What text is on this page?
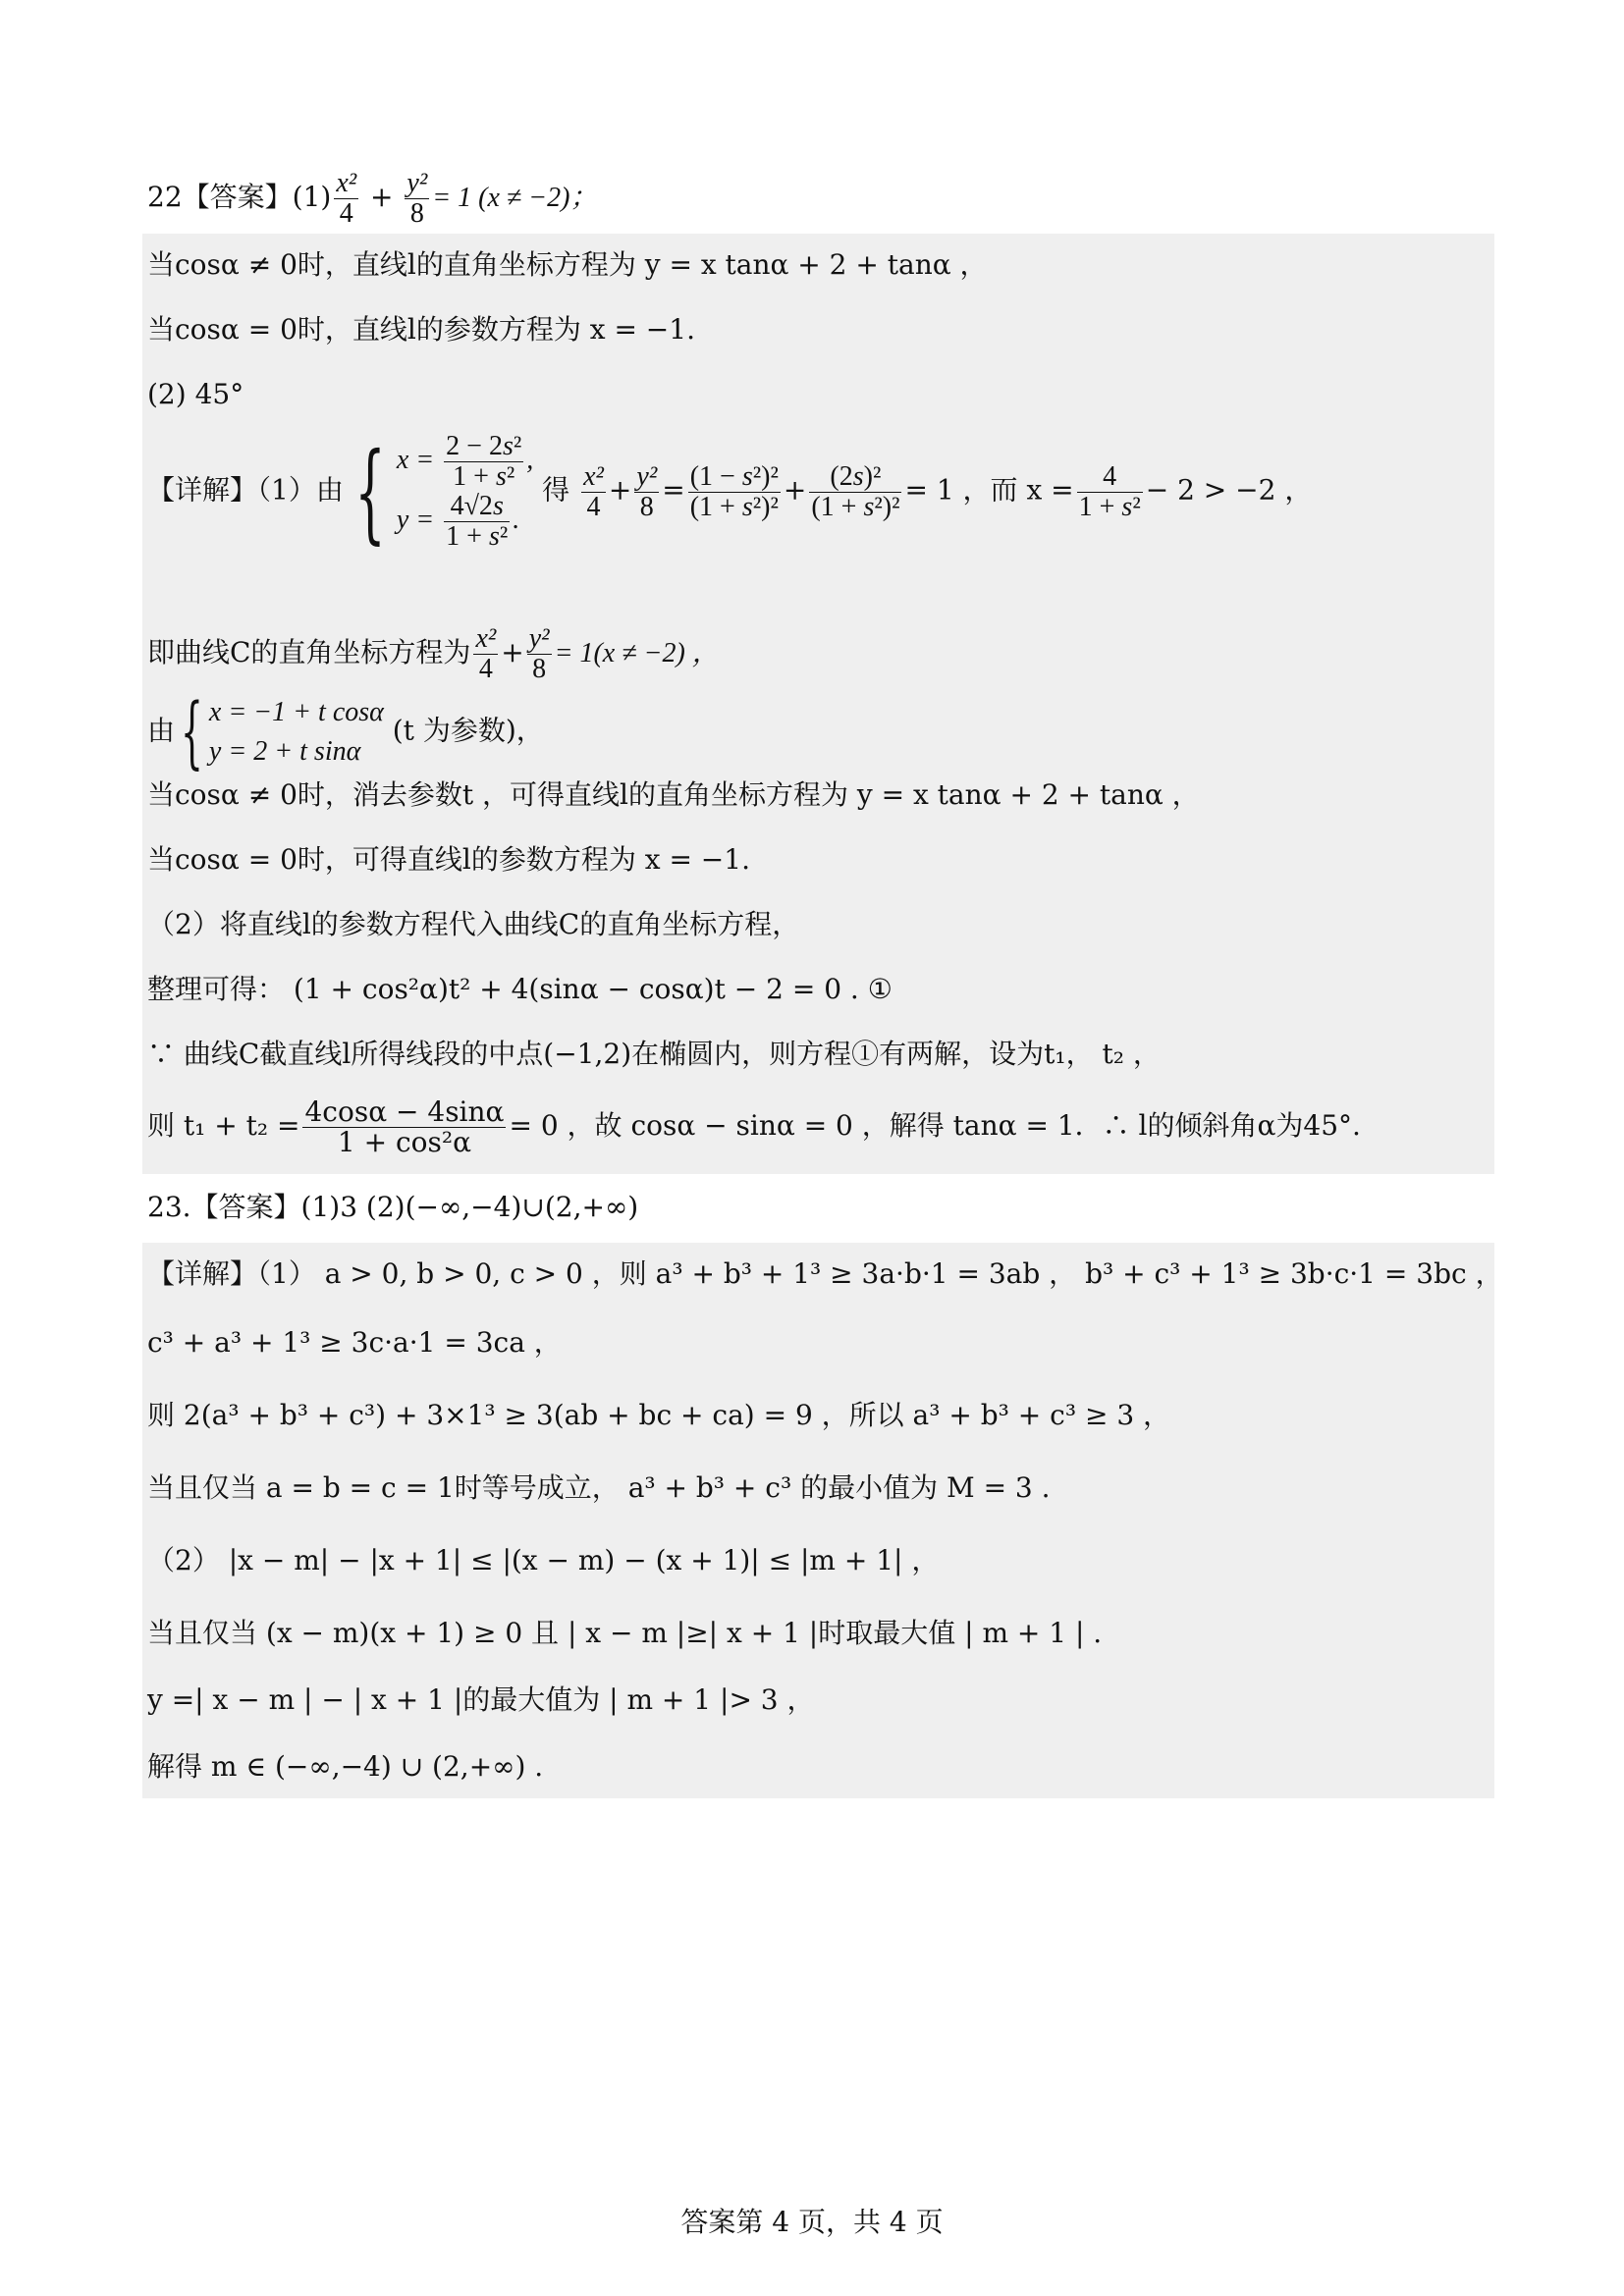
22【答案】$(1) \frac{\text{x²}}{4} + \frac{\text{y²}}{8} = 1$ (x ≠ −2)；
当cosα ≠ 0时，直线l的直角坐标方程为 y = x tanα + 2 + tanα ，
当cosα = 0时，直线l的参数方程为 x = −1.
(2) 45°
【详解】（1）由 { $x = \frac{\text{2 − 2s²}}{\text{1 + s²}}$ ,
$y = \frac{4√2s}{\text{1 + s²}}$ .
得 $\frac{\text{x²}}{4} + \frac{\text{y²}}{8} = \frac{\text{(1 − s²)²}}{\text{(1 + s²)²}} + \frac{\text{(2s)²}}{\text{(1 + s²)²}} = 1$ ，而 $x = \frac{4}{\text{1 + s²}} - 2 > -2$ ，
即曲线C的直角坐标方程为 $\frac{\text{x²}}{4} + \frac{\text{y²}}{8} = 1(x \ne -2)$ ，
由{ x = −1 + t cosα
y = 2 + t sinα
(t 为参数)，
当cosα ≠ 0时，消去参数t ，可得直线l的直角坐标方程为 y = x tanα + 2 + tanα ，
当cosα = 0时，可得直线l的参数方程为 x = −1.
（2）将直线l的参数方程代入曲线C的直角坐标方程，
整理可得： (1 + cos²α)t² + 4(sinα − cosα)t − 2 = 0 . ①
∵ 曲线C截直线l所得线段的中点(−1,2)在椭圆内，则方程①有两解，设为t₁， t₂ ，
则 $t_1 + t_2 = \frac{4\cos\alpha - 4\sin\alpha}{\text{1 + cos²α}} = 0$ ，故 cosα − sinα = 0 ，解得 tanα = 1．∴ l的倾斜角α为45°.
23.【答案】(1)3 (2)(−∞,−4)∪(2,+∞)
【详解】（1） a > 0, b > 0, c > 0 ，则 a³ + b³ + 1³ ≥ 3a·b·1 = 3ab ， b³ + c³ + 1³ ≥ 3b·c·1 = 3bc ，
c³ + a³ + 1³ ≥ 3c·a·1 = 3ca ，
则 2(a³ + b³ + c³) + 3×1³ ≥ 3(ab + bc + ca) = 9 ，所以 a³ + b³ + c³ ≥ 3 ，
当且仅当 a = b = c = 1时等号成立， a³ + b³ + c³ 的最小值为 M = 3 .
（2） |x − m| − |x + 1| ≤ |(x − m) − (x + 1)| ≤ |m + 1| ，
当且仅当 (x − m)(x + 1) ≥ 0 且 | x − m |≥| x + 1 |时取最大值 | m + 1 | .
y =| x − m | − | x + 1 |的最大值为 | m + 1 |> 3 ，
解得 m ∈ (−∞,−4) ∪ (2,+∞) .
答案第 4 页，共 4 页
